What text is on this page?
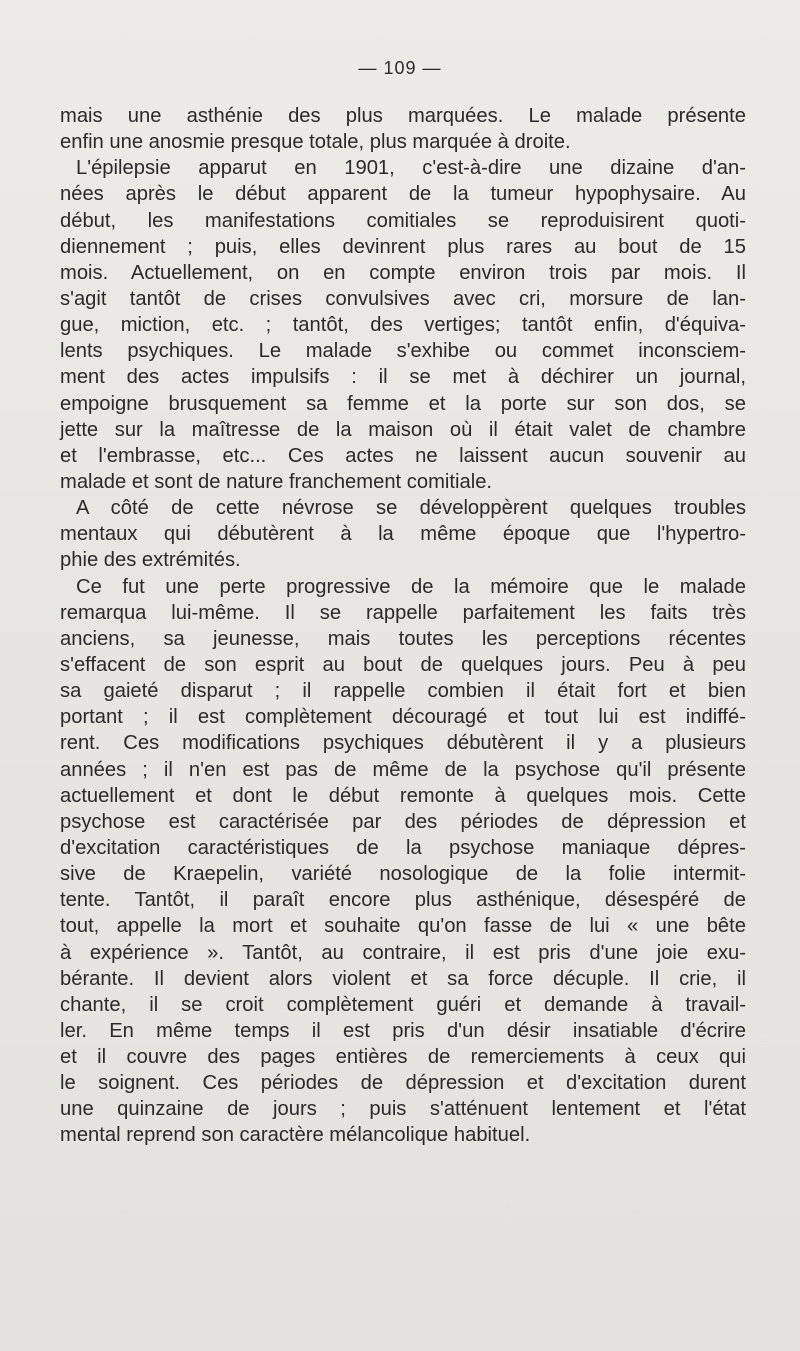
— 109 —

mais une asthénie des plus marquées. Le malade présente
enfin une anosmie presque totale, plus marquée à droite.

L'épilepsie apparut en 1901, c'est-à-dire une dizaine d'an-
nées après le début apparent de la tumeur hypophysaire. Au
début, les manifestations comitiales se reproduisirent quoti-
diennement ; puis, elles devinrent plus rares au bout de 15
mois. Actuellement, on en compte environ trois par mois. Il
s'agit tantôt de crises convulsives avec cri, morsure de lan-
gue, miction, etc. ; tantôt, des vertiges; tantôt enfin, d'équiva-
lents psychiques. Le malade s'exhibe ou commet inconsciem-
ment des actes impulsifs : il se met à déchirer un journal,
empoigne brusquement sa femme et la porte sur son dos, se
jette sur la maîtresse de la maison où il était valet de chambre
et l'embrasse, etc... Ces actes ne laissent aucun souvenir au
malade et sont de nature franchement comitiale.

A côté de cette névrose se développèrent quelques troubles
mentaux qui débutèrent à la même époque que l'hypertro-
phie des extrémités.

Ce fut une perte progressive de la mémoire que le malade
remarqua lui-même. Il se rappelle parfaitement les faits très
anciens, sa jeunesse, mais toutes les perceptions récentes
s'effacent de son esprit au bout de quelques jours. Peu à peu
sa gaieté disparut ; il rappelle combien il était fort et bien
portant ; il est complètement découragé et tout lui est indiffé-
rent. Ces modifications psychiques débutèrent il y a plusieurs
années ; il n'en est pas de même de la psychose qu'il présente
actuellement et dont le début remonte à quelques mois. Cette
psychose est caractérisée par des périodes de dépression et
d'excitation caractéristiques de la psychose maniaque dépres-
sive de Kraepelin, variété nosologique de la folie intermit-
tente. Tantôt, il paraît encore plus asthénique, désespéré de
tout, appelle la mort et souhaite qu'on fasse de lui « une bête
à expérience ». Tantôt, au contraire, il est pris d'une joie exu-
bérante. Il devient alors violent et sa force décuple. Il crie, il
chante, il se croit complètement guéri et demande à travail-
ler. En même temps il est pris d'un désir insatiable d'écrire
et il couvre des pages entières de remerciements à ceux qui
le soignent. Ces périodes de dépression et d'excitation durent
une quinzaine de jours ; puis s'atténuent lentement et l'état
mental reprend son caractère mélancolique habituel.
